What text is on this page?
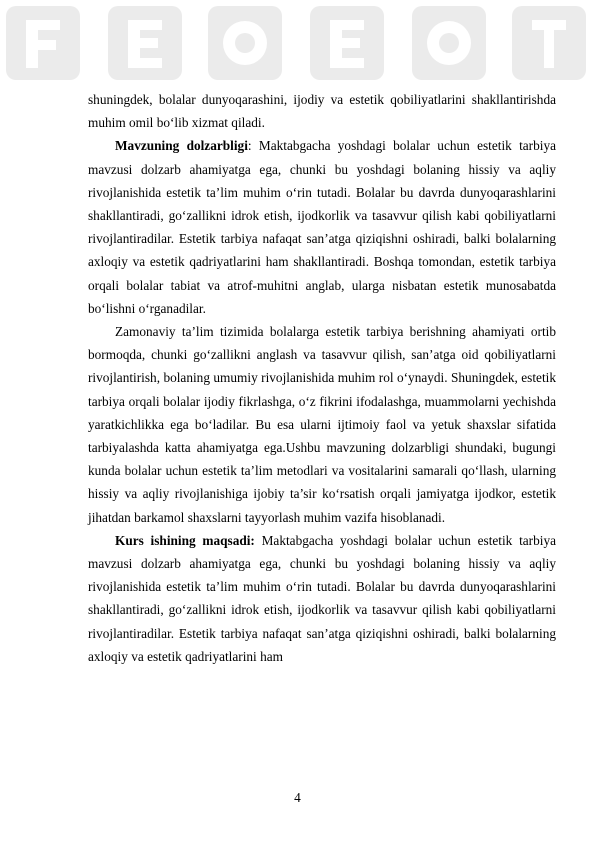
shuningdek, bolalar dunyoqarashini, ijodiy va estetik qobiliyatlarini shakllantirishda muhim omil bo‘lib xizmat qiladi.

Mavzuning dolzarbligi: Maktabgacha yoshdagi bolalar uchun estetik tarbiya mavzusi dolzarb ahamiyatga ega, chunki bu yoshdagi bolaning hissiy va aqliy rivojlanishida estetik ta’lim muhim o‘rin tutadi. Bolalar bu davrda dunyoqarashlarini shakllantiradi, go‘zallikni idrok etish, ijodkorlik va tasavvur qilish kabi qobiliyatlarni rivojlantiradilar. Estetik tarbiya nafaqat san’atga qiziqishni oshiradi, balki bolalarning axloqiy va estetik qadriyatlarini ham shakllantiradi. Boshqa tomondan, estetik tarbiya orqali bolalar tabiat va atrof-muhitni anglab, ularga nisbatan estetik munosabatda bo‘lishni o‘rganadilar.

Zamonaviy ta’lim tizimida bolalarga estetik tarbiya berishning ahamiyati ortib bormoqda, chunki go‘zallikni anglash va tasavvur qilish, san’atga oid qobiliyatlarni rivojlantirish, bolaning umumiy rivojlanishida muhim rol o‘ynaydi. Shuningdek, estetik tarbiya orqali bolalar ijodiy fikrlashga, o‘z fikrini ifodalashga, muammolarni yechishda yaratkichlikka ega bo‘ladilar. Bu esa ularni ijtimoiy faol va yetuk shaxslar sifatida tarbiyalashda katta ahamiyatga ega.Ushbu mavzuning dolzarbligi shundaki, bugungi kunda bolalar uchun estetik ta’lim metodlari va vositalarini samarali qo‘llash, ularning hissiy va aqliy rivojlanishiga ijobiy ta’sir ko‘rsatish orqali jamiyatga ijodkor, estetik jihatdan barkamol shaxslarni tayyorlash muhim vazifa hisoblanadi.

Kurs ishining maqsadi: Maktabgacha yoshdagi bolalar uchun estetik tarbiya mavzusi dolzarb ahamiyatga ega, chunki bu yoshdagi bolaning hissiy va aqliy rivojlanishida estetik ta’lim muhim o‘rin tutadi. Bolalar bu davrda dunyoqarashlarini shakllantiradi, go‘zallikni idrok etish, ijodkorlik va tasavvur qilish kabi qobiliyatlarni rivojlantiradilar. Estetik tarbiya nafaqat san’atga qiziqishni oshiradi, balki bolalarning axloqiy va estetik qadriyatlarini ham

4
